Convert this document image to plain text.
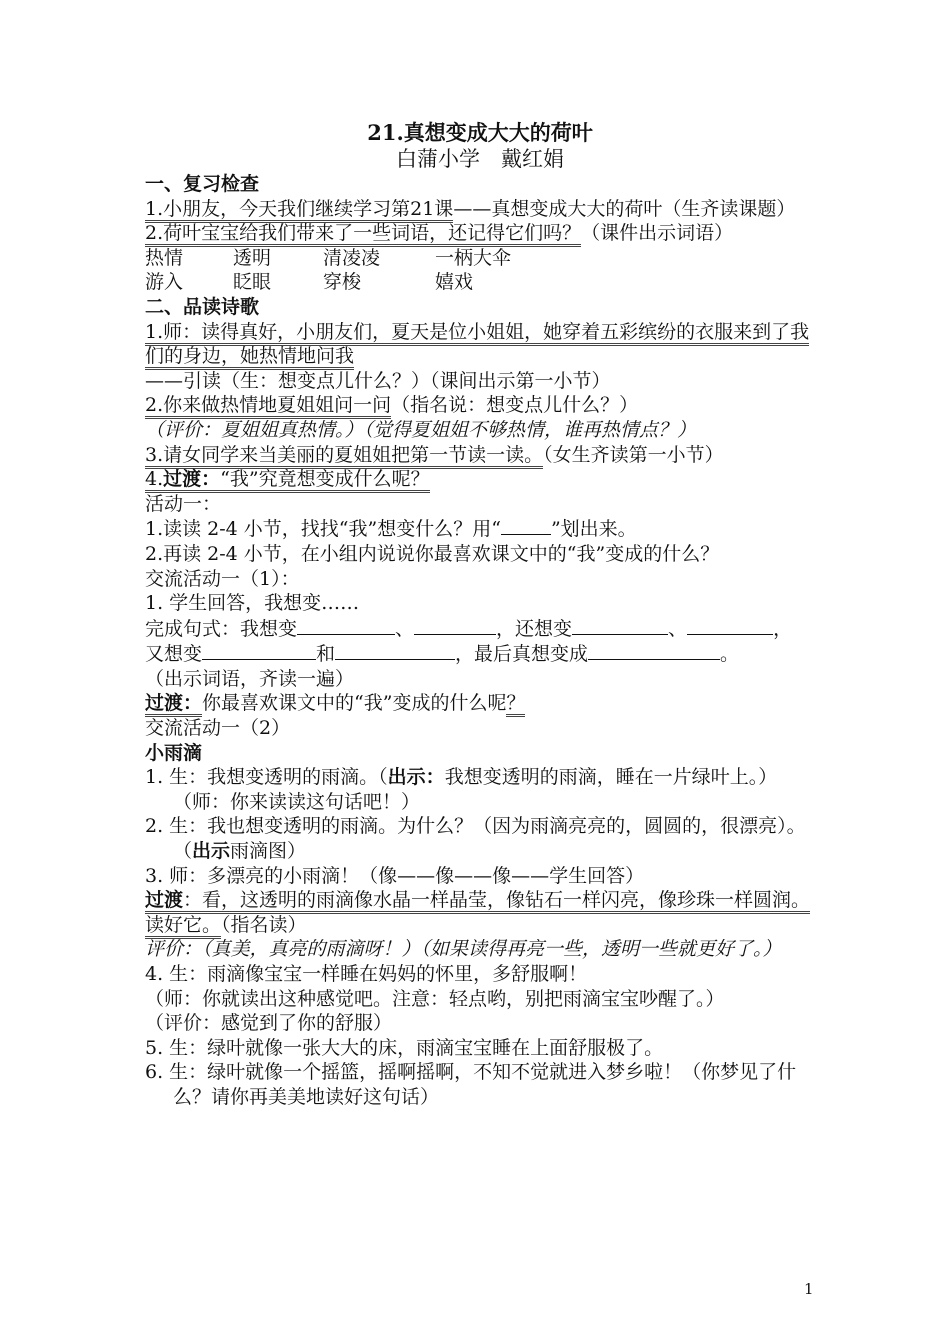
21.真想变成大大的荷叶
白蒲小学　戴红娟
一、复习检查
1.小朋友，今天我们继续学习第21课——真想变成大大的荷叶（生齐读课题）
2.荷叶宝宝给我们带来了一些词语，还记得它们吗？（课件出示词语）
热情	透明	清凌凌	一柄大伞
游入	眨眼	穿梭	嬉戏
二、品读诗歌
1.师：读得真好，小朋友们，夏天是位小姐姐，她穿着五彩缤纷的衣服来到了我们的身边，她热情地问我——引读（生：想变点儿什么？）（课间出示第一小节）
2.你来做热情地夏姐姐问一问（指名说：想变点儿什么？）
（评价：夏姐姐真热情。）（觉得夏姐姐不够热情，谁再热情点？）
3.请女同学来当美丽的夏姐姐把第一节读一读。（女生齐读第一小节）
4.过渡：“我”究竟想变成什么呢？
活动一：
1.读读 2-4 小节，找找“我”想变什么？用“	”划出来。
2.再读 2-4 小节，在小组内说说你最喜欢课文中的“我”变成的什么？
交流活动一（1）：
1. 学生回答，我想变……
完成句式：我想变	、	，还想变	、	，
又想变	和	，最后真想变成	。
（出示词语，齐读一遍）
过渡：你最喜欢课文中的“我”变成的什么呢？
交流活动一（2）
小雨滴
1. 生：我想变透明的雨滴。（出示：我想变透明的雨滴，睡在一片绿叶上。）（师：你来读读这句话吧！）
2. 生：我也想变透明的雨滴。为什么？（因为雨滴亮亮的，圆圆的，很漂亮）。（出示雨滴图）
3. 师：多漂亮的小雨滴！（像——像——像——学生回答）
过渡：看，这透明的雨滴像水晶一样晶莹，像钻石一样闪亮，像珍珠一样圆润。读好它。（指名读）
评价：（真美，真亮的雨滴呀！）（如果读得再亮一些，透明一些就更好了。）
4. 生：雨滴像宝宝一样睡在妈妈的怀里，多舒服啊！
（师：你就读出这种感觉吧。注意：轻点哟，别把雨滴宝宝吵醒了。）
（评价：感觉到了你的舒服）
5. 生：绿叶就像一张大大的床，雨滴宝宝睡在上面舒服极了。
6. 生：绿叶就像一个摇篮，摇啊摇啊，不知不觉就进入梦乡啦！（你梦见了什么？请你再美美地读好这句话）
1
